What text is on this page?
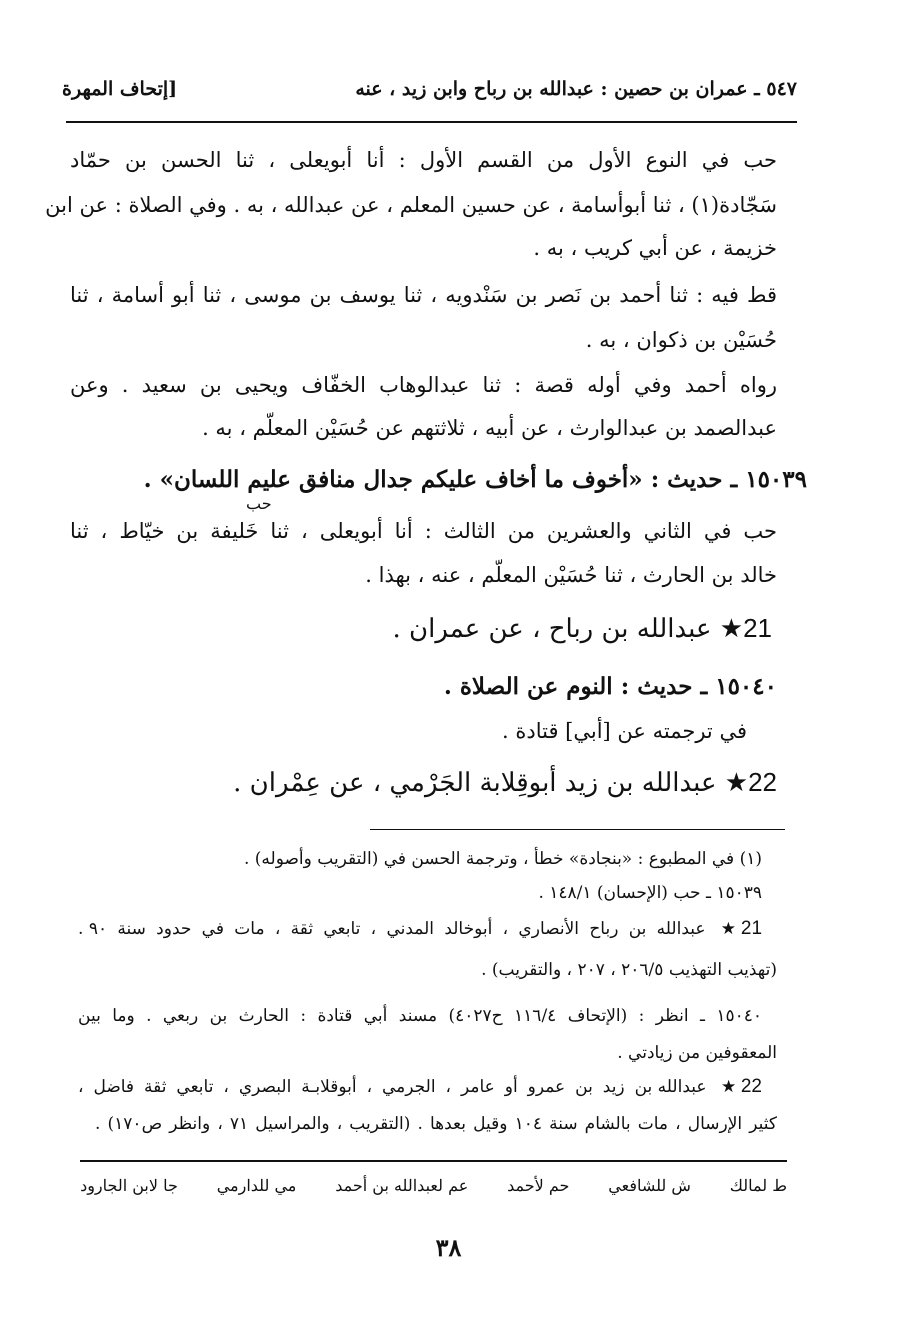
٥٤٧ ـ عمران بن حصين : عبدالله بن رباح وابن زيد ، عنه
[إتحاف المهرة
حب في النوع الأول من القسم الأول : أنا أبويعلى ، ثنا الحسن بن حمّاد
سَجّادة(١) ، ثنا أبوأسامة ، عن حسين المعلم ، عن عبدالله ، به . وفي الصلاة : عن ابن
خزيمة ، عن أبي كريب ، به .
قط فيه : ثنا أحمد بن نَصر بن سَنْدويه ، ثنا يوسف بن موسى ، ثنا أبو أسامة ، ثنا
حُسَيْن بن ذكوان ، به .
رواه أحمد وفي أوله قصة : ثنا عبدالوهاب الخفّاف ويحيى بن سعيد . وعن
عبدالصمد بن عبدالوارث ، عن أبيه ، ثلاثتهم عن حُسَيْن المعلّم ، به .
١٥٠٣٩ ـ حديث : «أخوف ما أخاف عليكم جدال منافق عليم اللسان» .
حب
حب في الثاني والعشرين من الثالث : أنا أبويعلى ، ثنا خَليفة بن خيّاط ، ثنا
خالد بن الحارث ، ثنا حُسَيْن المعلّم ، عنه ، بهذا .
21★ عبدالله بن رباح ، عن عمران .
١٥٠٤٠ ـ حديث : النوم عن الصلاة .
في ترجمته عن [أبي] قتادة .
22★ عبدالله بن زيد أبوقِلابة الجَرْمي ، عن عِمْران .
(١) في المطبوع : «بنجادة» خطأ ، وترجمة الحسن في (التقريب وأصوله) .
١٥٠٣٩ ـ حب (الإحسان) ١٤٨/١ .
21★ عبدالله بن رباح الأنصاري ، أبوخالد المدني ، تابعي ثقة ، مات في حدود سنة ٩٠ .
(تهذيب التهذيب ٢٠٦/٥ ، ٢٠٧ ، والتقريب) .
١٥٠٤٠ ـ انظر : (الإتحاف ١١٦/٤ ح٤٠٢٧) مسند أبي قتادة : الحارث بن ربعي . وما بين
المعقوفين من زيادتي .
22★ عبدالله بن زيد بن عمرو أو عامر ، الجرمي ، أبوقلابـة البصري ، تابعي ثقة فاضل ،
كثير الإرسال ، مات بالشام سنة ١٠٤ وقيل بعدها . (التقريب ، والمراسيل ٧١ ، وانظر ص١٧٠) .
ط لمالك
ش للشافعي
حم لأحمد
عم لعبدالله بن أحمد
مي للدارمي
جا لابن الجارود
٣٨
